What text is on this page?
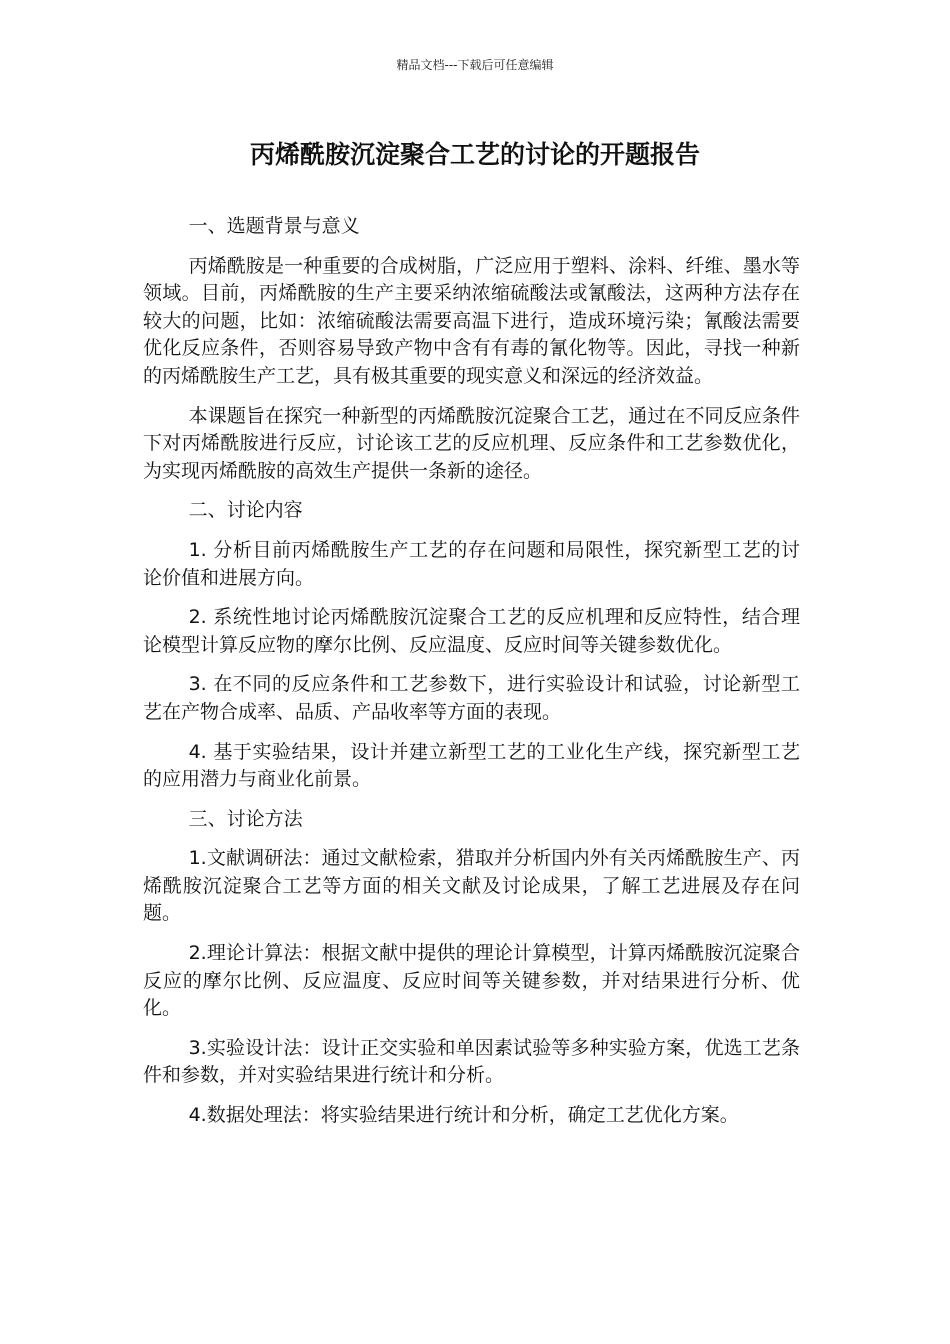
精品文档---下载后可任意编辑
丙烯酰胺沉淀聚合工艺的讨论的开题报告

一、选题背景与意义

丙烯酰胺是一种重要的合成树脂，广泛应用于塑料、涂料、纤维、墨水等领域。目前，丙烯酰胺的生产主要采纳浓缩硫酸法或氰酸法，这两种方法存在较大的问题，比如：浓缩硫酸法需要高温下进行，造成环境污染；氰酸法需要优化反应条件，否则容易导致产物中含有有毒的氰化物等。因此，寻找一种新的丙烯酰胺生产工艺，具有极其重要的现实意义和深远的经济效益。

本课题旨在探究一种新型的丙烯酰胺沉淀聚合工艺，通过在不同反应条件下对丙烯酰胺进行反应，讨论该工艺的反应机理、反应条件和工艺参数优化，为实现丙烯酰胺的高效生产提供一条新的途径。

二、讨论内容

1. 分析目前丙烯酰胺生产工艺的存在问题和局限性，探究新型工艺的讨论价值和进展方向。

2. 系统性地讨论丙烯酰胺沉淀聚合工艺的反应机理和反应特性，结合理论模型计算反应物的摩尔比例、反应温度、反应时间等关键参数优化。

3. 在不同的反应条件和工艺参数下，进行实验设计和试验，讨论新型工艺在产物合成率、品质、产品收率等方面的表现。

4. 基于实验结果，设计并建立新型工艺的工业化生产线，探究新型工艺的应用潜力与商业化前景。

三、讨论方法

1.文献调研法：通过文献检索，猎取并分析国内外有关丙烯酰胺生产、丙烯酰胺沉淀聚合工艺等方面的相关文献及讨论成果，了解工艺进展及存在问题。

2.理论计算法：根据文献中提供的理论计算模型，计算丙烯酰胺沉淀聚合反应的摩尔比例、反应温度、反应时间等关键参数，并对结果进行分析、优化。

3.实验设计法：设计正交实验和单因素试验等多种实验方案，优选工艺条件和参数，并对实验结果进行统计和分析。

4.数据处理法：将实验结果进行统计和分析，确定工艺优化方案。
